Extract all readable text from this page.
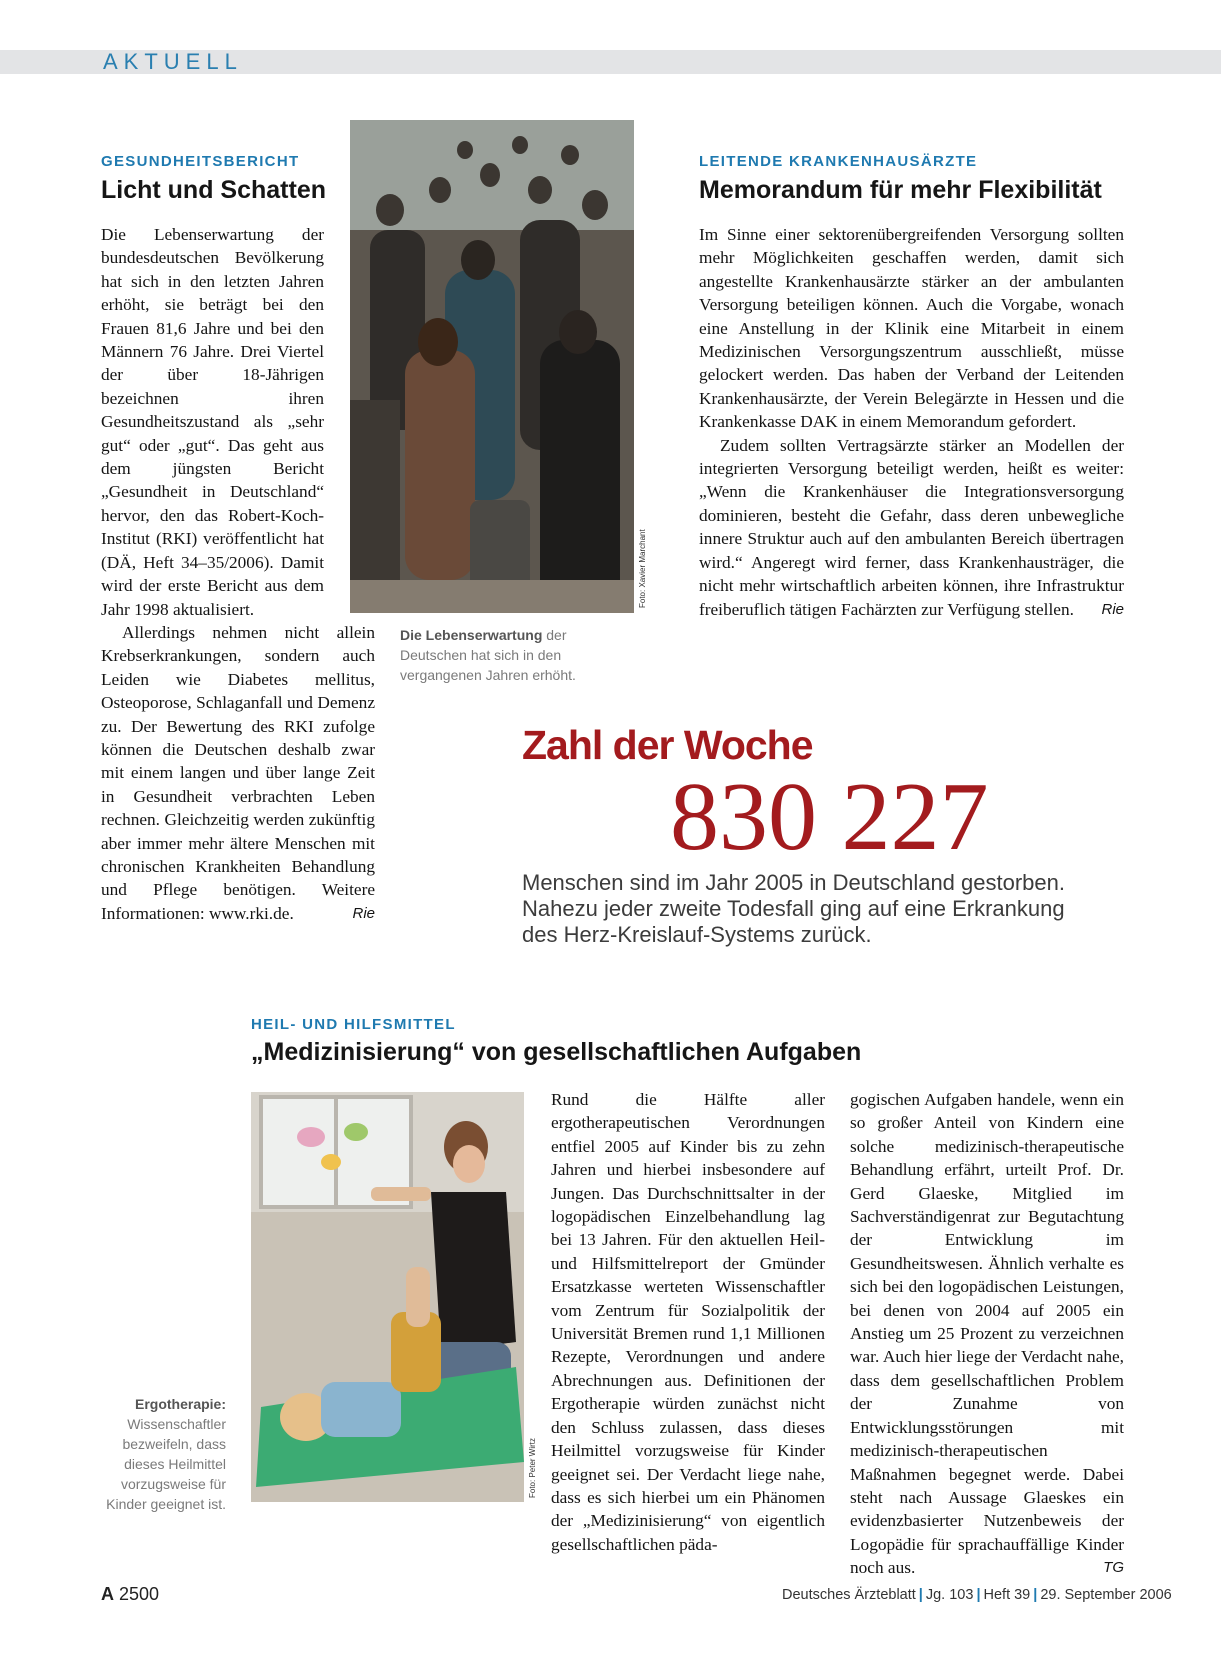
AKTUELL
GESUNDHEITSBERICHT
Licht und Schatten

Die Lebenserwartung der bundesdeutschen Bevölkerung hat sich in den letzten Jahren erhöht, sie beträgt bei den Frauen 81,6 Jahre und bei den Männern 76 Jahre. Drei Viertel der über 18-Jährigen bezeichnen ihren Gesundheitszustand als „sehr gut“ oder „gut“. Das geht aus dem jüngsten Bericht „Gesundheit in Deutschland“ hervor, den das Robert-Koch-Institut (RKI) veröffentlicht hat (DÄ, Heft 34–35/2006). Damit wird der erste Bericht aus dem Jahr 1998 aktualisiert.

Allerdings nehmen nicht allein Krebserkrankungen, sondern auch Leiden wie Diabetes mellitus, Osteoporose, Schlaganfall und Demenz zu. Der Bewertung des RKI zufolge können die Deutschen deshalb zwar mit einem langen und über lange Zeit in Gesundheit verbrachten Leben rechnen. Gleichzeitig werden zukünftig aber immer mehr ältere Menschen mit chronischen Krankheiten Behandlung und Pflege benötigen. Weitere Informationen: www.rki.de.	Rie

Foto: Xavier Marchant
Die Lebenserwartung der Deutschen hat sich in den vergangenen Jahren erhöht.
LEITENDE KRANKENHAUSÄRZTE
Memorandum für mehr Flexibilität

Im Sinne einer sektorenübergreifenden Versorgung sollten mehr Möglichkeiten geschaffen werden, damit sich angestellte Krankenhausärzte stärker an der ambulanten Versorgung beteiligen können. Auch die Vorgabe, wonach eine Anstellung in der Klinik eine Mitarbeit in einem Medizinischen Versorgungszentrum ausschließt, müsse gelockert werden. Das haben der Verband der Leitenden Krankenhausärzte, der Verein Belegärzte in Hessen und die Krankenkasse DAK in einem Memorandum gefordert.

Zudem sollten Vertragsärzte stärker an Modellen der integrierten Versorgung beteiligt werden, heißt es weiter: „Wenn die Krankenhäuser die Integrationsversorgung dominieren, besteht die Gefahr, dass deren unbewegliche innere Struktur auch auf den ambulanten Bereich übertragen wird.“ Angeregt wird ferner, dass Krankenhausträger, die nicht mehr wirtschaftlich arbeiten können, ihre Infrastruktur freiberuflich tätigen Fachärzten zur Verfügung stellen.	Rie

Zahl der Woche
830 227
Menschen sind im Jahr 2005 in Deutschland gestorben. Nahezu jeder zweite Todesfall ging auf eine Erkrankung des Herz-Kreislauf-Systems zurück.
HEIL- UND HILFSMITTEL
„Medizinisierung“ von gesellschaftlichen Aufgaben
Foto: Peter Wirtz
Ergotherapie:
Wissenschaftler bezweifeln, dass dieses Heilmittel vorzugsweise für Kinder geeignet ist.

Rund die Hälfte aller ergotherapeutischen Verordnungen entfiel 2005 auf Kinder bis zu zehn Jahren und hierbei insbesondere auf Jungen. Das Durchschnittsalter in der logopädischen Einzelbehandlung lag bei 13 Jahren. Für den aktuellen Heil- und Hilfsmittelreport der Gmünder Ersatzkasse werteten Wissenschaftler vom Zentrum für Sozialpolitik der Universität Bremen rund 1,1 Millionen Rezepte, Verordnungen und andere Abrechnungen aus. Definitionen der Ergotherapie würden zunächst nicht den Schluss zulassen, dass dieses Heilmittel vorzugsweise für Kinder geeignet sei. Der Verdacht liege nahe, dass es sich hierbei um ein Phänomen der „Medizinisierung“ von eigentlich gesellschaftlichen päda-

gogischen Aufgaben handele, wenn ein so großer Anteil von Kindern eine solche medizinisch-therapeutische Behandlung erfährt, urteilt Prof. Dr. Gerd Glaeske, Mitglied im Sachverständigenrat zur Begutachtung der Entwicklung im Gesundheitswesen. Ähnlich verhalte es sich bei den logopädischen Leistungen, bei denen von 2004 auf 2005 ein Anstieg um 25 Prozent zu verzeichnen war. Auch hier liege der Verdacht nahe, dass dem gesellschaftlichen Problem der Zunahme von Entwicklungsstörungen mit medizinisch-therapeutischen Maßnahmen begegnet werde. Dabei steht nach Aussage Glaeskes ein evidenzbasierter Nutzenbeweis der Logopädie für sprachauffällige Kinder noch aus.	TG

A 2500	Deutsches Ärzteblatt | Jg. 103 | Heft 39 | 29. September 2006
